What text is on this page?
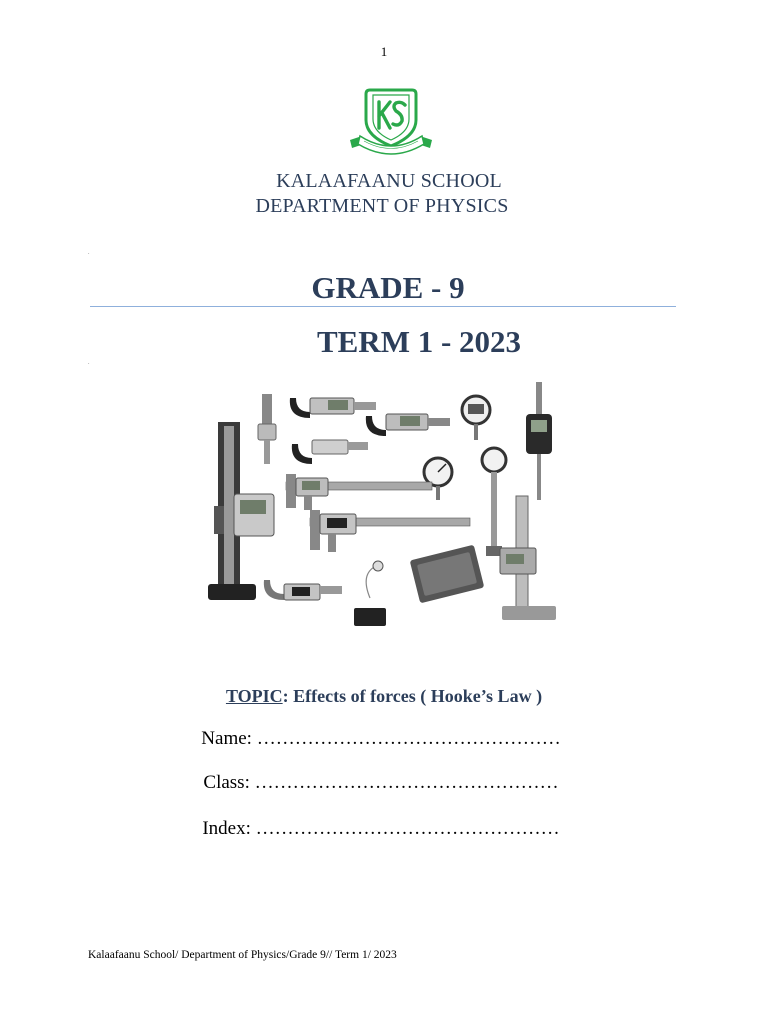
1
KALAAFAANU SCHOOL
DEPARTMENT OF PHYSICS
.
GRADE - 9
TERM 1 - 2023
.
TOPIC: Effects of forces ( Hooke’s Law )
Name: …………………………………………
Class: …………………………………………
Index: …………………………………………
Kalaafaanu School/ Department of Physics/Grade 9// Term 1/ 2023
